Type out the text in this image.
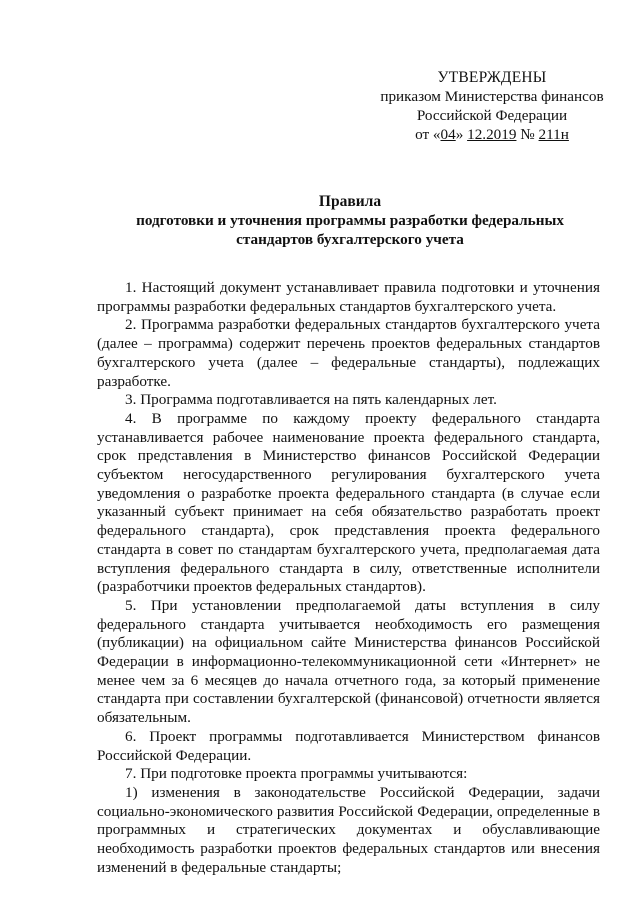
УТВЕРЖДЕНЫ
приказом Министерства финансов
Российской Федерации
от «04» 12.2019 № 211н
Правила
подготовки и уточнения программы разработки федеральных
стандартов бухгалтерского учета

1. Настоящий документ устанавливает правила подготовки и уточнения программы разработки федеральных стандартов бухгалтерского учета.

2. Программа разработки федеральных стандартов бухгалтерского учета (далее – программа) содержит перечень проектов федеральных стандартов бухгалтерского учета (далее – федеральные стандарты), подлежащих разработке.

3. Программа подготавливается на пять календарных лет.

4. В программе по каждому проекту федерального стандарта устанавливается рабочее наименование проекта федерального стандарта, срок представления в Министерство финансов Российской Федерации субъектом негосударственного регулирования бухгалтерского учета уведомления о разработке проекта федерального стандарта (в случае если указанный субъект принимает на себя обязательство разработать проект федерального стандарта), срок представления проекта федерального стандарта в совет по стандартам бухгалтерского учета, предполагаемая дата вступления федерального стандарта в силу, ответственные исполнители (разработчики проектов федеральных стандартов).

5. При установлении предполагаемой даты вступления в силу федерального стандарта учитывается необходимость его размещения (публикации) на официальном сайте Министерства финансов Российской Федерации в информационно-телекоммуникационной сети «Интернет» не менее чем за 6 месяцев до начала отчетного года, за который применение стандарта при составлении бухгалтерской (финансовой) отчетности является обязательным.

6. Проект программы подготавливается Министерством финансов Российской Федерации.

7. При подготовке проекта программы учитываются:

1) изменения в законодательстве Российской Федерации, задачи социально-экономического развития Российской Федерации, определенные в программных и стратегических документах и обуславливающие необходимость разработки проектов федеральных стандартов или внесения изменений в федеральные стандарты;
